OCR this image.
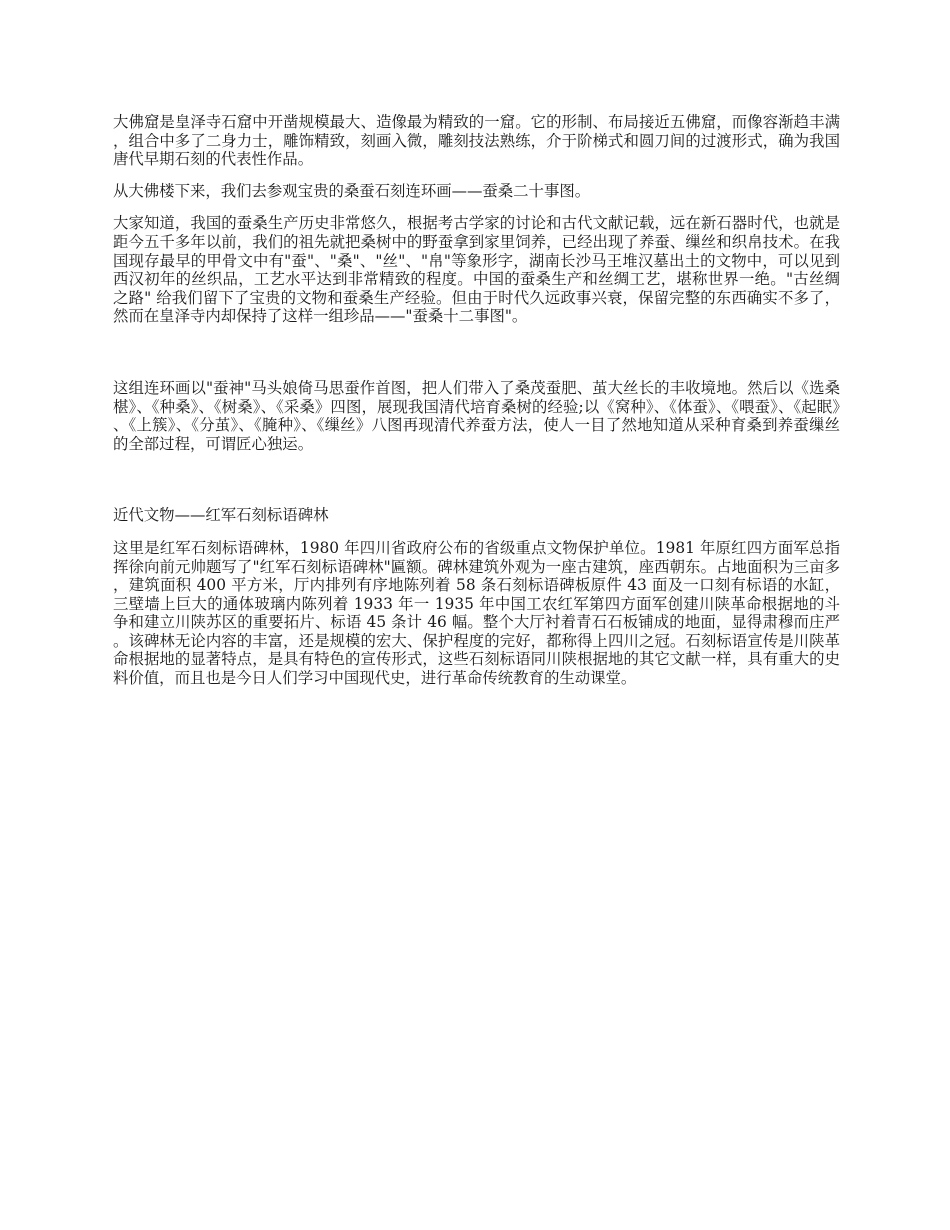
大佛窟是皇泽寺石窟中开凿规模最大、造像最为精致的一窟。它的形制、布局接近五佛窟，而像容渐趋丰满，组合中多了二身力士，雕饰精致，刻画入微，雕刻技法熟练，介于阶梯式和圆刀间的过渡形式，确为我国唐代早期石刻的代表性作品。

从大佛楼下来，我们去参观宝贵的桑蚕石刻连环画——蚕桑二十事图。

大家知道，我国的蚕桑生产历史非常悠久，根据考古学家的讨论和古代文献记载，远在新石器时代，也就是距今五千多年以前，我们的祖先就把桑树中的野蚕拿到家里饲养，已经出现了养蚕、缫丝和织帛技术。在我国现存最早的甲骨文中有"蚕"、"桑"、"丝"、"帛"等象形字，湖南长沙马王堆汉墓出土的文物中，可以见到西汉初年的丝织品，工艺水平达到非常精致的程度。中国的蚕桑生产和丝绸工艺，堪称世界一绝。"古丝绸之路" 给我们留下了宝贵的文物和蚕桑生产经验。但由于时代久远政事兴衰，保留完整的东西确实不多了，然而在皇泽寺内却保持了这样一组珍品——"蚕桑十二事图"。

这组连环画以"蚕神"马头娘倚马思蚕作首图，把人们带入了桑茂蚕肥、茧大丝长的丰收境地。然后以《选桑椹》、《种桑》、《树桑》、《采桑》四图，展现我国清代培育桑树的经验;以《窝种》、《体蚕》、《喂蚕》、《起眠》、《上簇》、《分茧》、《腌种》、《缫丝》八图再现清代养蚕方法，使人一目了然地知道从采种育桑到养蚕缫丝的全部过程，可谓匠心独运。

近代文物——红军石刻标语碑林

这里是红军石刻标语碑林，1980 年四川省政府公布的省级重点文物保护单位。1981 年原红四方面军总指挥徐向前元帅题写了"红军石刻标语碑林"匾额。碑林建筑外观为一座古建筑，座西朝东。占地面积为三亩多，建筑面积 400 平方米，厅内排列有序地陈列着 58 条石刻标语碑板原件 43 面及一口刻有标语的水缸，三壁墙上巨大的通体玻璃内陈列着 1933 年一 1935 年中国工农红军第四方面军创建川陕革命根据地的斗争和建立川陕苏区的重要拓片、标语 45 条计 46 幅。整个大厅衬着青石石板铺成的地面，显得肃穆而庄严。该碑林无论内容的丰富，还是规模的宏大、保护程度的完好，都称得上四川之冠。石刻标语宣传是川陕革命根据地的显著特点，是具有特色的宣传形式，这些石刻标语同川陕根据地的其它文献一样，具有重大的史料价值，而且也是今日人们学习中国现代史，进行革命传统教育的生动课堂。
